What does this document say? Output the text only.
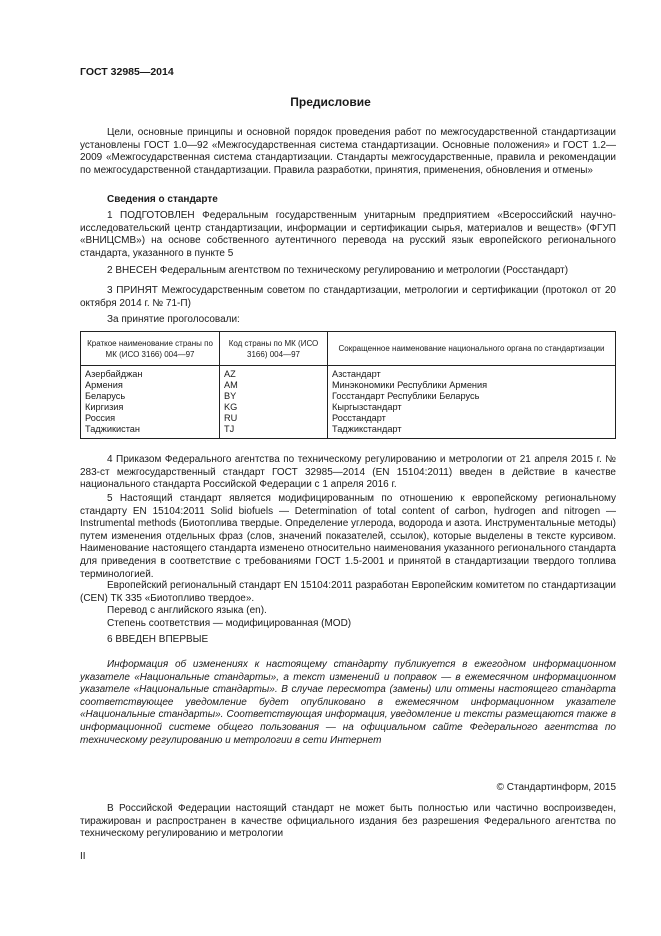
ГОСТ 32985—2014
Предисловие

Цели, основные принципы и основной порядок проведения работ по межгосударственной стандартизации установлены ГОСТ 1.0—92 «Межгосударственная система стандартизации. Основные положения» и ГОСТ 1.2—2009 «Межгосударственная система стандартизации. Стандарты межгосударственные, правила и рекомендации по межгосударственной стандартизации. Правила разработки, принятия, применения, обновления и отмены»

Сведения о стандарте

1 ПОДГОТОВЛЕН Федеральным государственным унитарным предприятием «Всероссийский научно-исследовательский центр стандартизации, информации и сертификации сырья, материалов и веществ» (ФГУП «ВНИЦСМВ») на основе собственного аутентичного перевода на русский язык европейского регионального стандарта, указанного в пункте 5

2 ВНЕСЕН Федеральным агентством по техническому регулированию и метрологии (Росстандарт)

3 ПРИНЯТ Межгосударственным советом по стандартизации, метрологии и сертификации (протокол от 20 октября 2014 г. № 71-П)

За принятие проголосовали:

Краткое наименование страны по МК (ИСО 3166) 004—97	Код страны по МК (ИСО 3166) 004—97	Сокращенное наименование национального органа по стандартизации
Азербайджан	AZ	Азстандарт
Армения	AM	Минэкономики Республики Армения
Беларусь	BY	Госстандарт Республики Беларусь
Киргизия	KG	Кыргызстандарт
Россия	RU	Росстандарт
Таджикистан	TJ	Таджикстандарт

4 Приказом Федерального агентства по техническому регулированию и метрологии от 21 апреля 2015 г. № 283-ст межгосударственный стандарт ГОСТ 32985—2014 (EN 15104:2011) введен в действие в качестве национального стандарта Российской Федерации с 1 апреля 2016 г.

5 Настоящий стандарт является модифицированным по отношению к европейскому региональному стандарту EN 15104:2011 Solid biofuels — Determination of total content of carbon, hydrogen and nitrogen — Instrumental methods (Биотоплива твердые. Определение углерода, водорода и азота. Инструментальные методы) путем изменения отдельных фраз (слов, значений показателей, ссылок), которые выделены в тексте курсивом. Наименование настоящего стандарта изменено относительно наименования указанного регионального стандарта для приведения в соответствие с требованиями ГОСТ 1.5-2001 и принятой в стандартизации твердого топлива терминологией.

Европейский региональный стандарт EN 15104:2011 разработан Европейским комитетом по стандартизации (CEN) ТК 335 «Биотопливо твердое».

Перевод с английского языка (en).

Степень соответствия — модифицированная (MOD)

6 ВВЕДЕН ВПЕРВЫЕ

Информация об изменениях к настоящему стандарту публикуется в ежегодном информационном указателе «Национальные стандарты», а текст изменений и поправок — в ежемесячном информационном указателе «Национальные стандарты». В случае пересмотра (замены) или отмены настоящего стандарта соответствующее уведомление будет опубликовано в ежемесячном информационном указателе «Национальные стандарты». Соответствующая информация, уведомление и тексты размещаются также в информационной системе общего пользования — на официальном сайте Федерального агентства по техническому регулированию и метрологии в сети Интернет

© Стандартинформ, 2015

В Российской Федерации настоящий стандарт не может быть полностью или частично воспроизведен, тиражирован и распространен в качестве официального издания без разрешения Федерального агентства по техническому регулированию и метрологии

II
